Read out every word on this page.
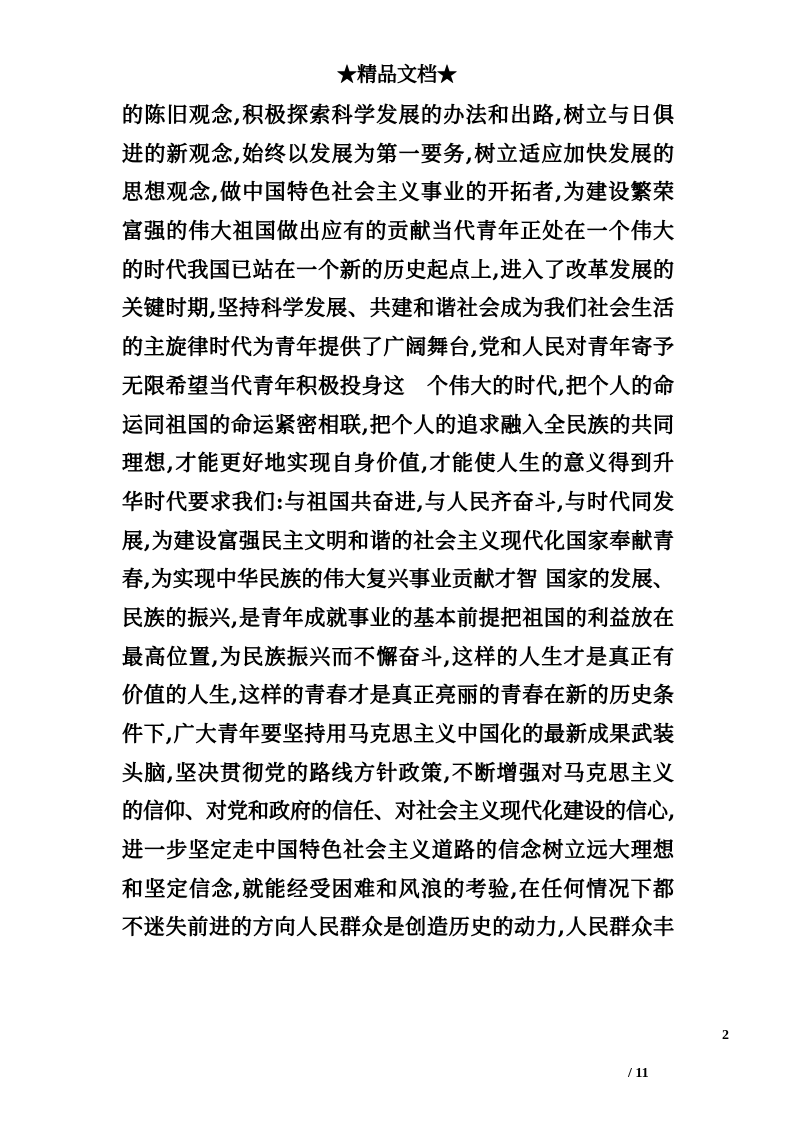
★精品文档★
的陈旧观念,积极探索科学发展的办法和出路,树立与日俱
进的新观念,始终以发展为第一要务,树立适应加快发展的
思想观念,做中国特色社会主义事业的开拓者,为建设繁荣
富强的伟大祖国做出应有的贡献当代青年正处在一个伟大
的时代我国已站在一个新的历史起点上,进入了改革发展的
关键时期,坚持科学发展、共建和谐社会成为我们社会生活
的主旋律时代为青年提供了广阔舞台,党和人民对青年寄予
无限希望当代青年积极投身这　个伟大的时代,把个人的命
运同祖国的命运紧密相联,把个人的追求融入全民族的共同
理想,才能更好地实现自身价值,才能使人生的意义得到升
华时代要求我们:与祖国共奋进,与人民齐奋斗,与时代同发
展,为建设富强民主文明和谐的社会主义现代化国家奉献青
春,为实现中华民族的伟大复兴事业贡献才智 国家的发展、
民族的振兴,是青年成就事业的基本前提把祖国的利益放在
最高位置,为民族振兴而不懈奋斗,这样的人生才是真正有
价值的人生,这样的青春才是真正亮丽的青春在新的历史条
件下,广大青年要坚持用马克思主义中国化的最新成果武装
头脑,坚决贯彻党的路线方针政策,不断增强对马克思主义
的信仰、对党和政府的信任、对社会主义现代化建设的信心,
进一步坚定走中国特色社会主义道路的信念树立远大理想
和坚定信念,就能经受困难和风浪的考验,在任何情况下都
不迷失前进的方向人民群众是创造历史的动力,人民群众丰
2
/ 11
